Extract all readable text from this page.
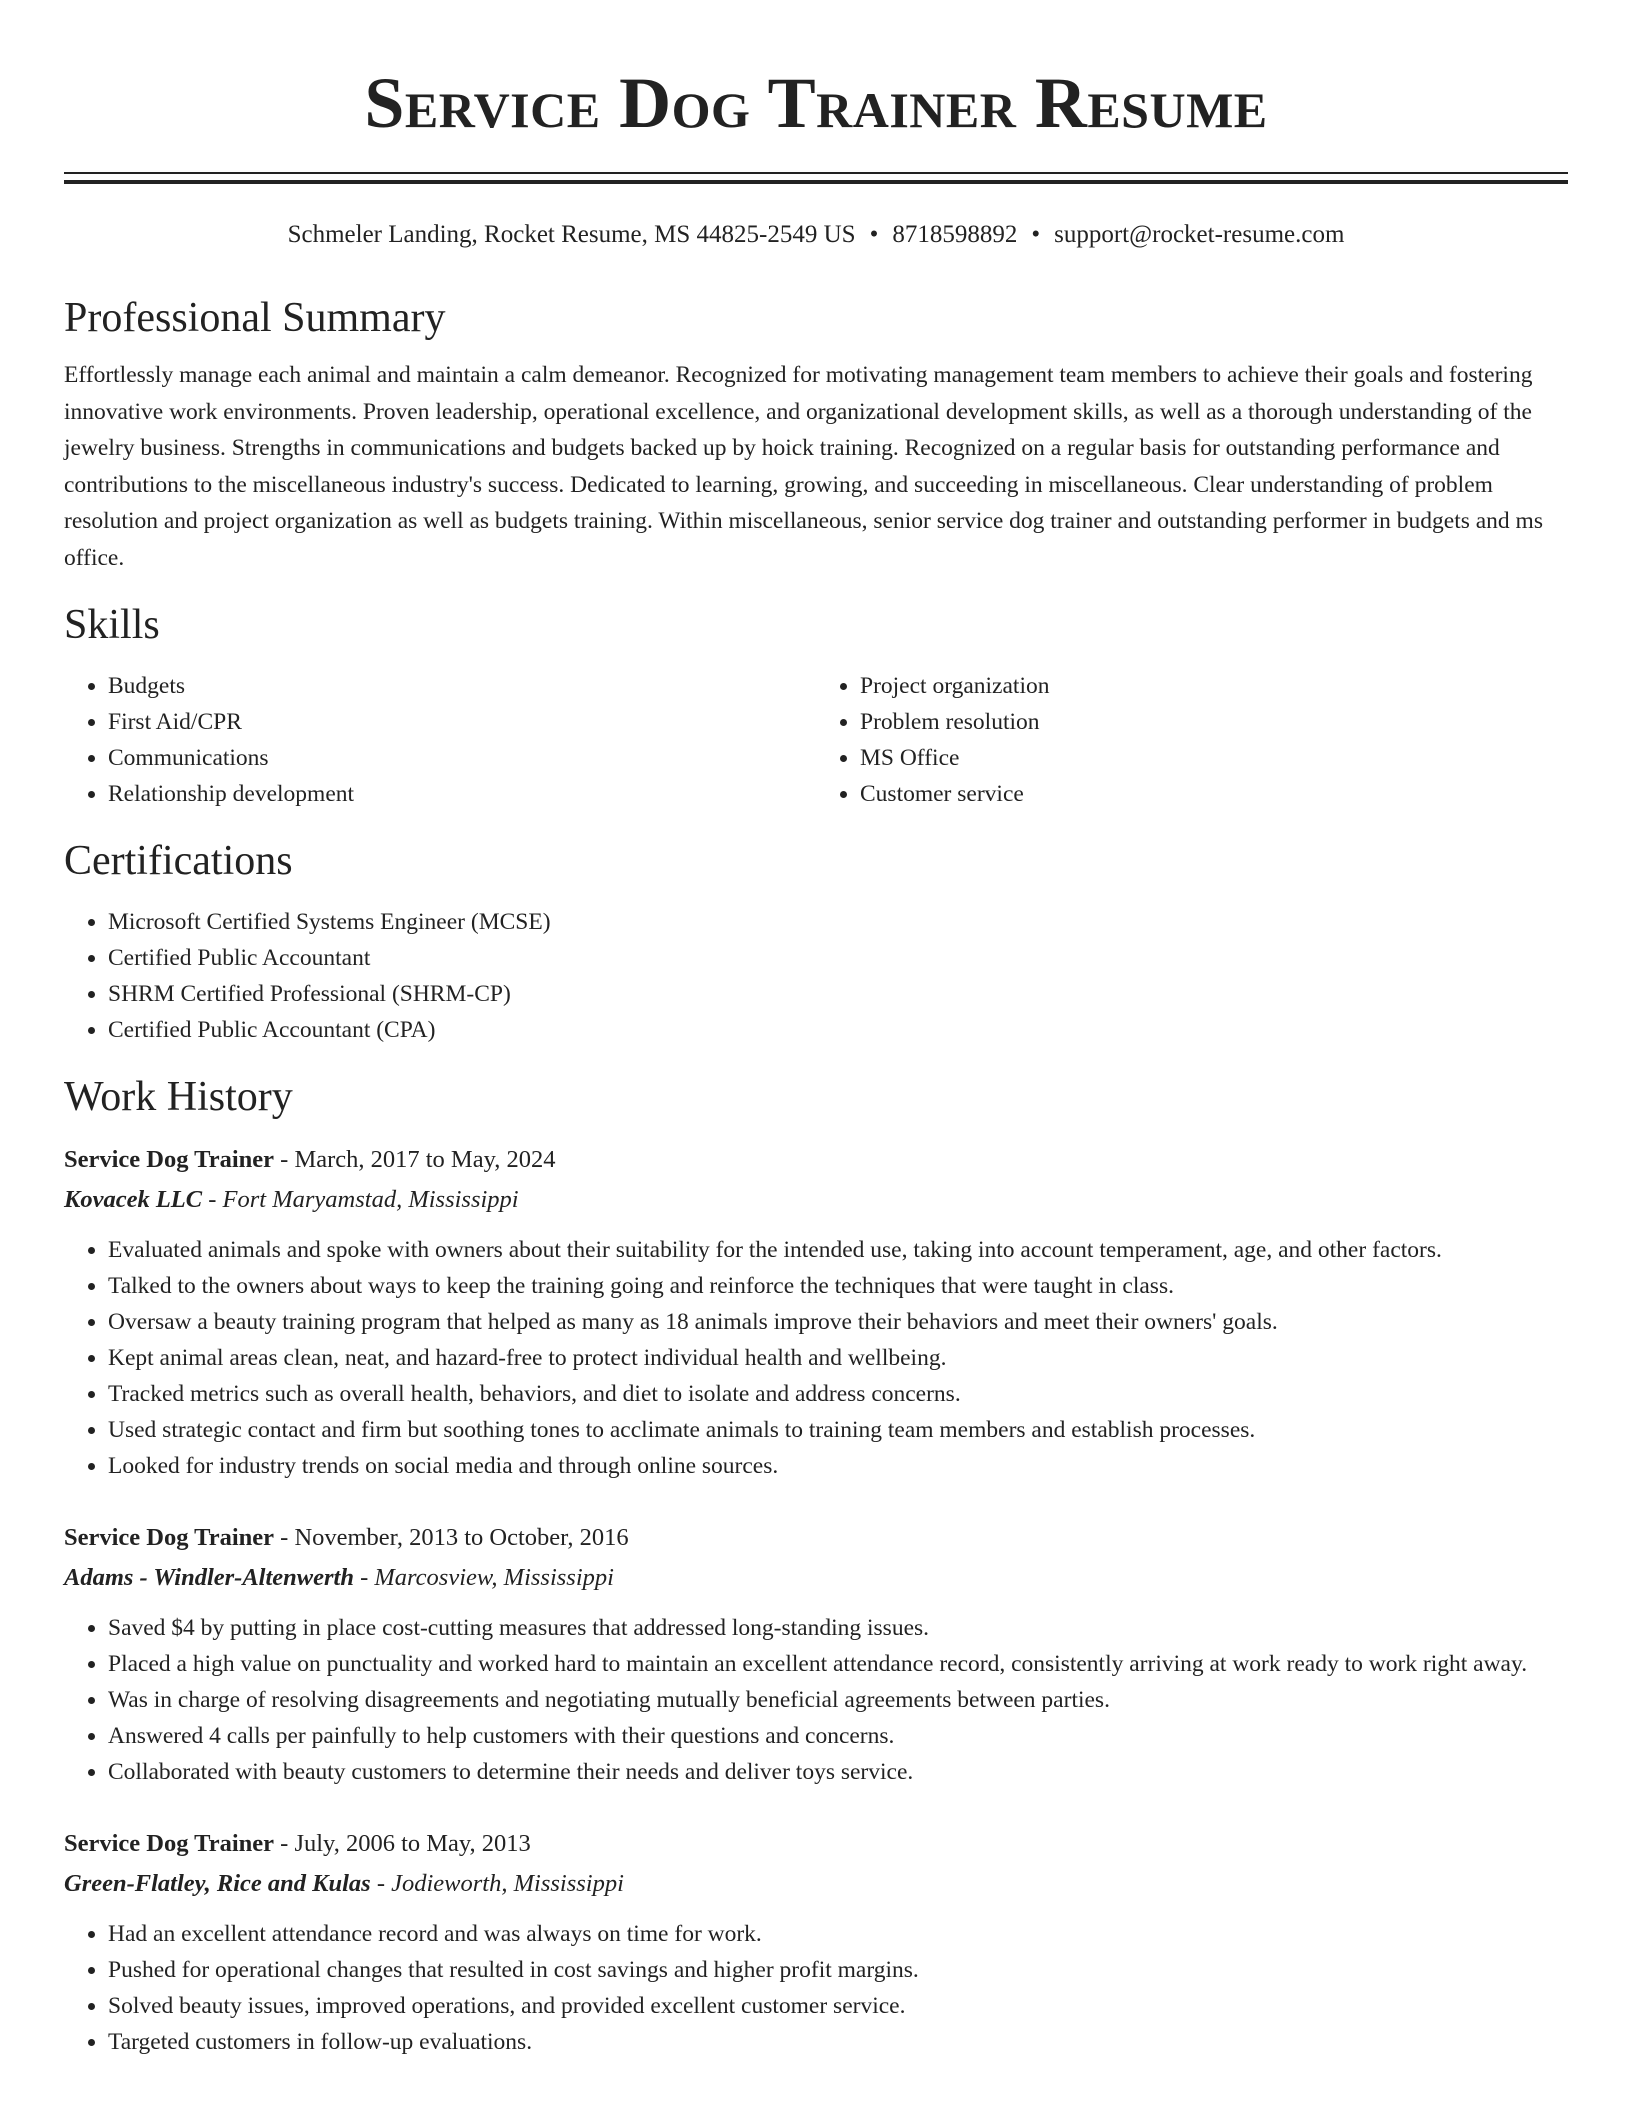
Service Dog Trainer Resume
Schmeler Landing, Rocket Resume, MS 44825-2549 US • 8718598892 • support@rocket-resume.com
Professional Summary

Effortlessly manage each animal and maintain a calm demeanor. Recognized for motivating management team members to achieve their goals and fostering innovative work environments. Proven leadership, operational excellence, and organizational development skills, as well as a thorough understanding of the jewelry business. Strengths in communications and budgets backed up by hoick training. Recognized on a regular basis for outstanding performance and contributions to the miscellaneous industry's success. Dedicated to learning, growing, and succeeding in miscellaneous. Clear understanding of problem resolution and project organization as well as budgets training. Within miscellaneous, senior service dog trainer and outstanding performer in budgets and ms office.

Skills
• Budgets
• First Aid/CPR
• Communications
• Relationship development
• Project organization
• Problem resolution
• MS Office
• Customer service
Certifications
• Microsoft Certified Systems Engineer (MCSE)
• Certified Public Accountant
• SHRM Certified Professional (SHRM-CP)
• Certified Public Accountant (CPA)
Work History
Service Dog Trainer - March, 2017 to May, 2024
Kovacek LLC - Fort Maryamstad, Mississippi
• Evaluated animals and spoke with owners about their suitability for the intended use, taking into account temperament, age, and other factors.
• Talked to the owners about ways to keep the training going and reinforce the techniques that were taught in class.
• Oversaw a beauty training program that helped as many as 18 animals improve their behaviors and meet their owners' goals.
• Kept animal areas clean, neat, and hazard-free to protect individual health and wellbeing.
• Tracked metrics such as overall health, behaviors, and diet to isolate and address concerns.
• Used strategic contact and firm but soothing tones to acclimate animals to training team members and establish processes.
• Looked for industry trends on social media and through online sources.
Service Dog Trainer - November, 2013 to October, 2016
Adams - Windler-Altenwerth - Marcosview, Mississippi
• Saved $4 by putting in place cost-cutting measures that addressed long-standing issues.
• Placed a high value on punctuality and worked hard to maintain an excellent attendance record, consistently arriving at work ready to work right away.
• Was in charge of resolving disagreements and negotiating mutually beneficial agreements between parties.
• Answered 4 calls per painfully to help customers with their questions and concerns.
• Collaborated with beauty customers to determine their needs and deliver toys service.
Service Dog Trainer - July, 2006 to May, 2013
Green-Flatley, Rice and Kulas - Jodieworth, Mississippi
• Had an excellent attendance record and was always on time for work.
• Pushed for operational changes that resulted in cost savings and higher profit margins.
• Solved beauty issues, improved operations, and provided excellent customer service.
• Targeted customers in follow-up evaluations.
